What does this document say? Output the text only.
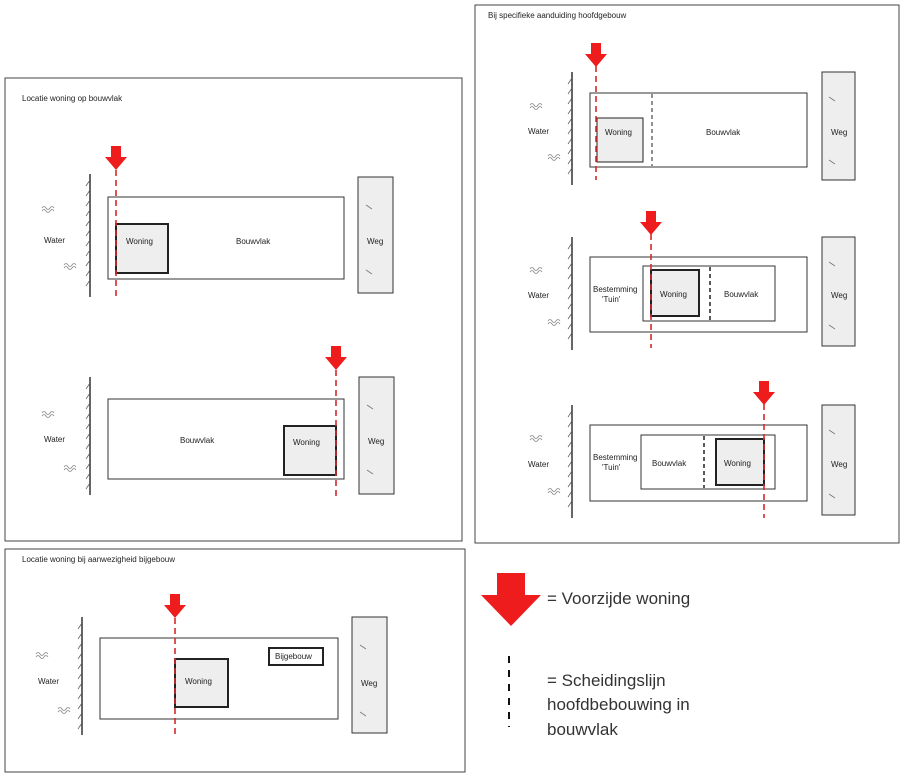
Locatie woning op bouwvlak
Water	Woning	Bouwvlak	Weg
Water	Bouwvlak	Woning	Weg
Bij specifieke aanduiding hoofdgebouw
Water	Woning	Bouwvlak	Weg
Water
Bestemming
'Tuin'
Woning	Bouwvlak	Weg
Water
Bestemming
'Tuin'	Bouwvlak	Woning	Weg
Locatie woning bij aanwezigheid bijgebouw
Water	Woning
Bijgebouw
Weg
= Voorzijde woning
= Scheidingslijn
hoofdbebouwing in
bouwvlak
